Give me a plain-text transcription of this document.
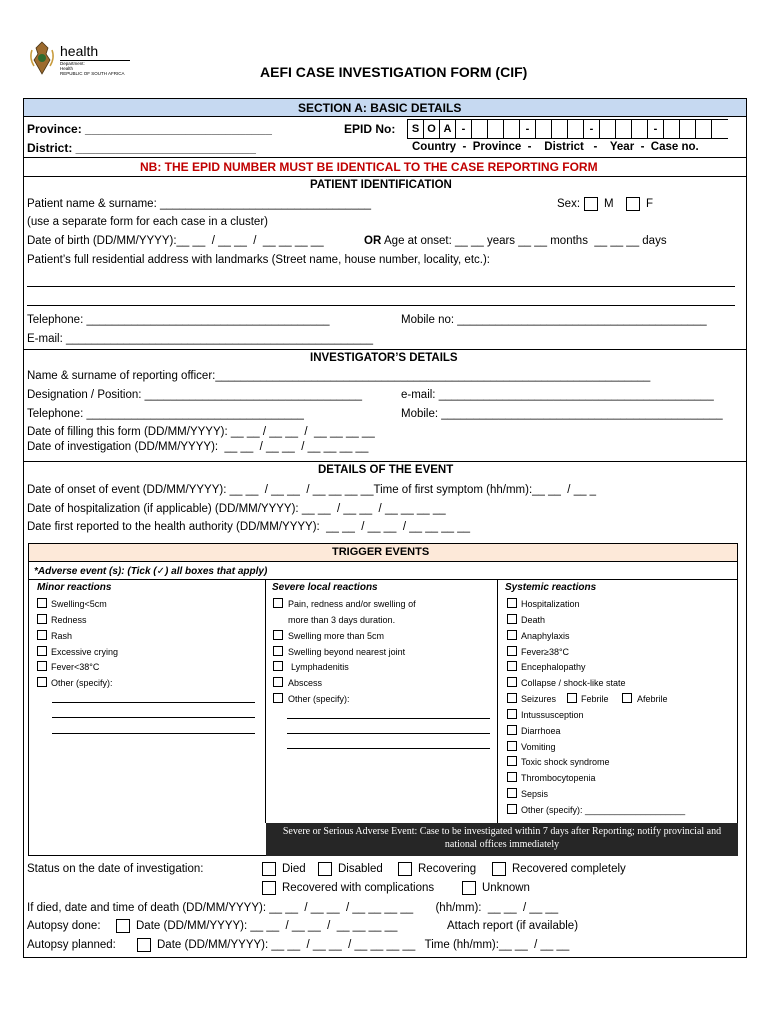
health
Department:
Health
REPUBLIC OF SOUTH AFRICA	AEFI CASE INVESTIGATION FORM (CIF)
SECTION A: BASIC DETAILS
Province: ____________________________
District: ___________________________
EPID No:	S O A -	-	-	-
Country  -  Province  -    District   -    Year  -  Case no.
NB: THE EPID NUMBER MUST BE IDENTICAL TO THE CASE REPORTING FORM
PATIENT IDENTIFICATION
Patient name & surname: _________________________________	Sex: M	F
(use a separate form for each case in a cluster)
Date of birth (DD/MM/YYYY):__ __  / __ __  /  __ __ __ __	OR Age at onset: __ __ years __ __ months  __ __ __ days
Patient’s full residential address with landmarks (Street name, house number, locality, etc.):
Telephone: ______________________________________	Mobile no: _______________________________________
E-mail: ________________________________________________
INVESTIGATOR’S DETAILS
Name & surname of reporting officer:____________________________________________________________________
Designation / Position: __________________________________	e-mail: ___________________________________________
Telephone: __________________________________	Mobile: ____________________________________________
Date of filling this form (DD/MM/YYYY): __ __ / __ __  /  __ __ __ __
Date of investigation (DD/MM/YYYY):  __ __  / __ __  / __ __ __ __
DETAILS OF THE EVENT
Date of onset of event (DD/MM/YYYY): __ __  / __ __  / __ __ __ __Time of first symptom (hh/mm):__ __  / __ _
Date of hospitalization (if applicable) (DD/MM/YYYY): __ __  / __ __  / __ __ __ __
Date first reported to the health authority (DD/MM/YYYY):  __ __  / __ __  / __ __ __ __
TRIGGER EVENTS
*Adverse event (s): (Tick (✓) all boxes that apply)
Minor reactions
Swelling<5cm
Redness
Rash
Excessive crying
Fever<38°C
Other (specify):
Severe local reactions
Pain, redness and/or swelling of
more than 3 days duration.
Swelling more than 5cm
Swelling beyond nearest joint
Lymphadenitis
Abscess
Other (specify):
Systemic reactions
Hospitalization
Death
Anaphylaxis
Fever≥38°C
Encephalopathy
Collapse / shock-like state
Seizures	Febrile	Afebrile
Intussusception
Diarrhoea
Vomiting
Toxic shock syndrome
Thrombocytopenia
Sepsis
Other (specify): ____________________
Severe or Serious Adverse Event: Case to be investigated within 7 days after Reporting; notify provincial and national offices immediately
Status on the date of investigation:	Died	Disabled	Recovering	Recovered completely
Recovered with complications	Unknown
If died, date and time of death (DD/MM/YYYY): __ __  / __ __  / __ __ __ __       (hh/mm):  __ __  / __ __
Autopsy done:	Date (DD/MM/YYYY): __ __  / __ __  /  __ __ __ __	Attach report (if available)
Autopsy planned:	Date (DD/MM/YYYY): __ __  / __ __  / __ __ __ __   Time (hh/mm):__ __  / __ __
